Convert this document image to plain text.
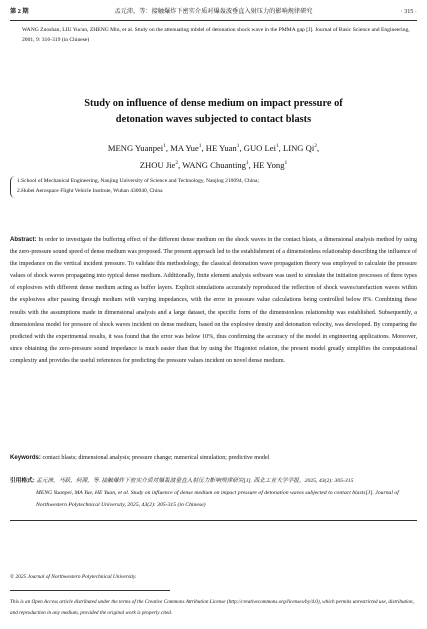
第 2 期	孟元沛，等：接触爆炸下密实介质对爆轰波垂直入射压力的影响规律研究	· 315 ·
WANG Zuoshan, LIU Yucun, ZHENG Min, et al. Study on the attenuating mbdel of detonation shock wave in the PMMA gap [J]. Journal of Basic Science and Engineering, 2001, 9: 316-319 (in Chinese)
Study on influence of dense medium on impact pressure of
detonation waves subjected to contact blasts
MENG Yuanpei$^1$, MA Yue$^1$, HE Yuan$^1$, GUO Lei$^1$, LING Qi$^2$,
ZHOU Jie$^2$, WANG Chuanting$^1$, HE Yong$^1$
1.School of Mechanical Engineering, Nanjing University of Science and Technology, Nanjing 210094, China;
2.Hubei Aerospace Flight Vehicle Institute, Wuhan 430040, China
Abstract: In order to investigate the buffering effect of the different dense medium on the shock waves in the contact blasts, a dimensional analysis method by using the zero-pressure sound speed of dense medium was proposed. The present approach led to the establishment of a dimensionless relationship describing the influence of the impedance on the vertical incident pressure. To validate this methodology, the classical detonation wave propagation theory was employed to calculate the pressure values of shock waves propagating into typical dense medium. Additionally, finite element analysis software was used to simulate the initiation processes of three types of explosives with different dense medium acting as buffer layers. Explicit simulations accurately reproduced the reflection of shock waves/rarefaction waves within the explosives after passing through medium with varying impedances, with the error in pressure value calculations being controlled below 8%. Combining these results with the assumptions made in dimensional analysis and a large dataset, the specific form of the dimensionless relationship was established. Subsequently, a dimensionless model for pressure of shock waves incident on dense medium, based on the explosive density and detonation velocity, was developed. By comparing the predicted with the experimental results, it was found that the error was below 10%, thus confirming the accuracy of the model in engineering applications. Moreover, since obtaining the zero-pressure sound impedance is much easier than that by using the Hugoniot relation, the present model greatly simplifies the computational complexity and provides the useful references for predicting the pressure values incident on novel dense medium.
Keywords: contact blasts; dimensional analysis; pressure change; numerical simulation; predictive model
引用格式: 孟元沛，马跃，何源，等. 接触爆炸下密实介质对爆轰波垂直入射压力影响规律研究[J]. 西北工业大学学报，2025, 43(2): 305-315
MENG Yuanpei, MA Yue, HE Yuan, et al. Study on influence of dense medium on impact pressure of detonation waves subjected to contact blasts[J]. Journal of Northwestern Polytechnical University, 2025, 43(2): 305-315 (in Chinese)
© 2025 Journal of Northwestern Polytechnical University.
This is an Open Access article distributed under the terms of the Creative Commons Attribution License (http://creativecommons.org/licenses/by/4.0), which permits unrestricted use, distribution, and reproduction in any medium, provided the original work is properly cited.
